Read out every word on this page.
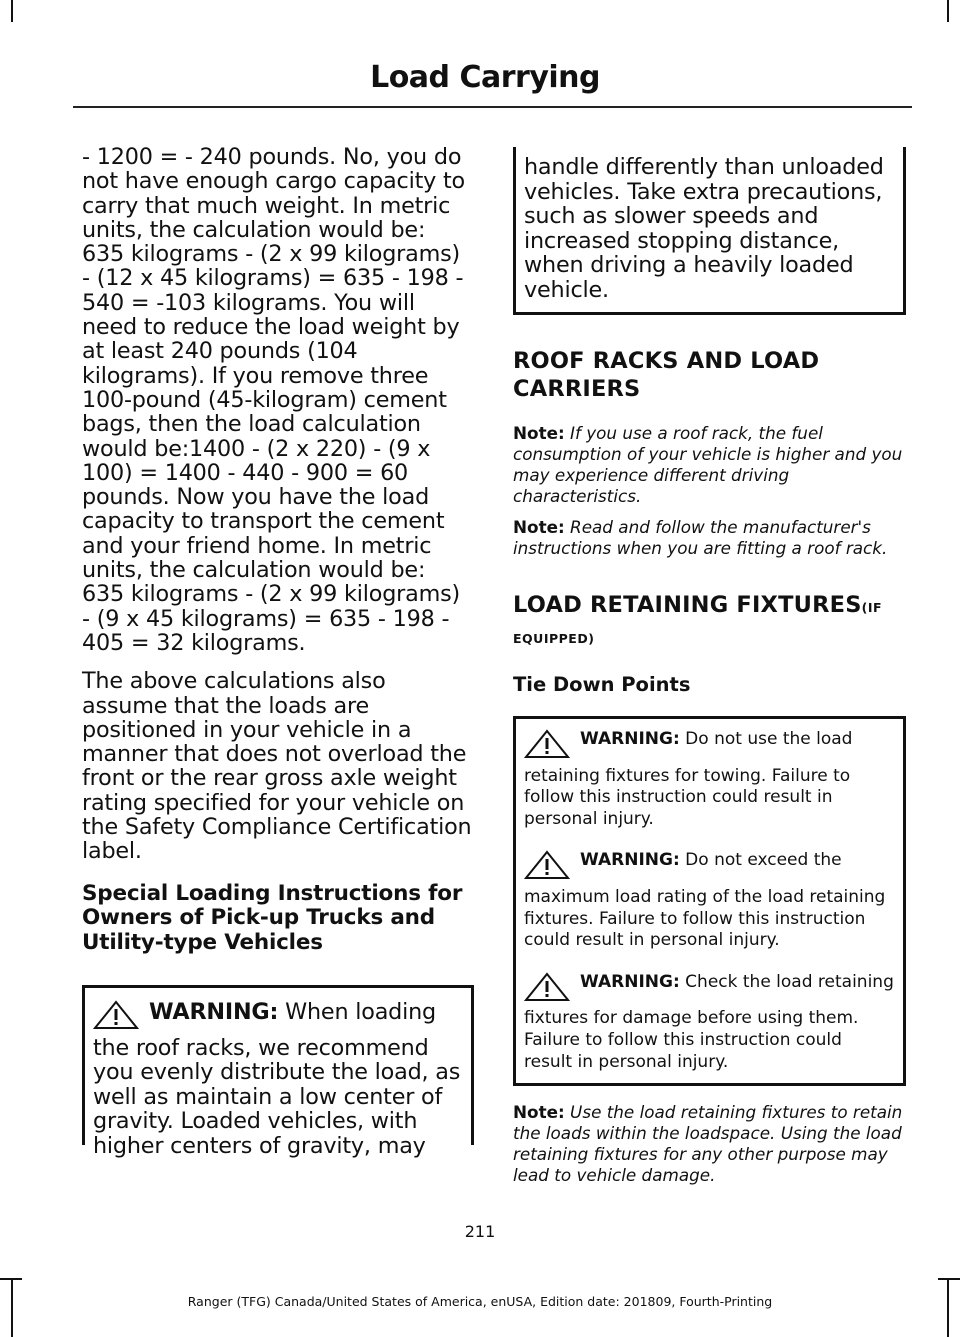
Load Carrying

- 1200 = - 240 pounds. No, you do not have enough cargo capacity to carry that much weight. In metric units, the calculation would be: 635 kilograms - (2 x 99 kilograms) - (12 x 45 kilograms) = 635 - 198 - 540 = -103 kilograms. You will need to reduce the load weight by at least 240 pounds (104 kilograms). If you remove three 100-pound (45-kilogram) cement bags, then the load calculation would be:1400 - (2 x 220) - (9 x 100) = 1400 - 440 - 900 = 60 pounds. Now you have the load capacity to transport the cement and your friend home. In metric units, the calculation would be: 635 kilograms - (2 x 99 kilograms) - (9 x 45 kilograms) = 635 - 198 - 405 = 32 kilograms.

The above calculations also assume that the loads are positioned in your vehicle in a manner that does not overload the front or the rear gross axle weight rating specified for your vehicle on the Safety Compliance Certification label.

Special Loading Instructions for Owners of Pick-up Trucks and Utility-type Vehicles
WARNING: When loading the roof racks, we recommend you evenly distribute the load, as well as maintain a low center of gravity. Loaded vehicles, with higher centers of gravity, may
handle differently than unloaded vehicles. Take extra precautions, such as slower speeds and increased stopping distance, when driving a heavily loaded vehicle.
ROOF RACKS AND LOAD CARRIERS

Note: If you use a roof rack, the fuel consumption of your vehicle is higher and you may experience different driving characteristics.

Note: Read and follow the manufacturer's instructions when you are fitting a roof rack.

LOAD RETAINING FIXTURES(IF EQUIPPED)
Tie Down Points
WARNING: Do not use the load retaining fixtures for towing. Failure to follow this instruction could result in personal injury.
WARNING: Do not exceed the maximum load rating of the load retaining fixtures. Failure to follow this instruction could result in personal injury.
WARNING: Check the load retaining fixtures for damage before using them. Failure to follow this instruction could result in personal injury.

Note: Use the load retaining fixtures to retain the loads within the loadspace. Using the load retaining fixtures for any other purpose may lead to vehicle damage.

211
Ranger (TFG) Canada/United States of America, enUSA, Edition date: 201809, Fourth-Printing
